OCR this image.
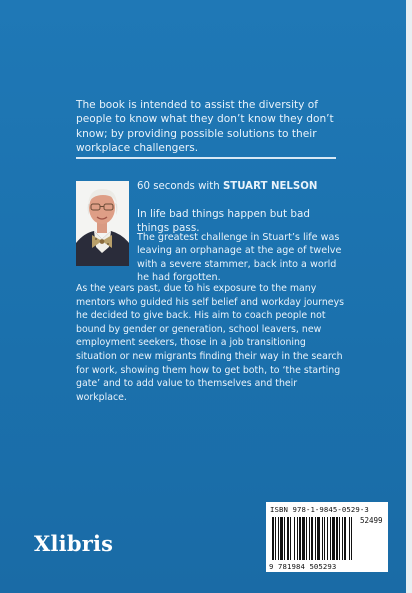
The book is intended to assist the diversity of people to know what they don’t know they don’t know; by providing possible solutions to their workplace challengers.

60 seconds with STUART NELSON

In life bad things happen but bad things pass.

The greatest challenge in Stuart’s life was leaving an orphanage at the age of twelve with a severe stammer, back into a world he had forgotten.

As the years past, due to his exposure to the many mentors who guided his self belief and workday journeys he decided to give back. His aim to coach people not bound by gender or generation, school leavers, new employment seekers, those in a job transitioning situation or new migrants finding their way in the search for work, showing them how to get both, to ‘the starting gate’ and to add value to themselves and their workplace.

Xlibris

ISBN 978-1-9845-0529-3
52499
9 781984 505293
